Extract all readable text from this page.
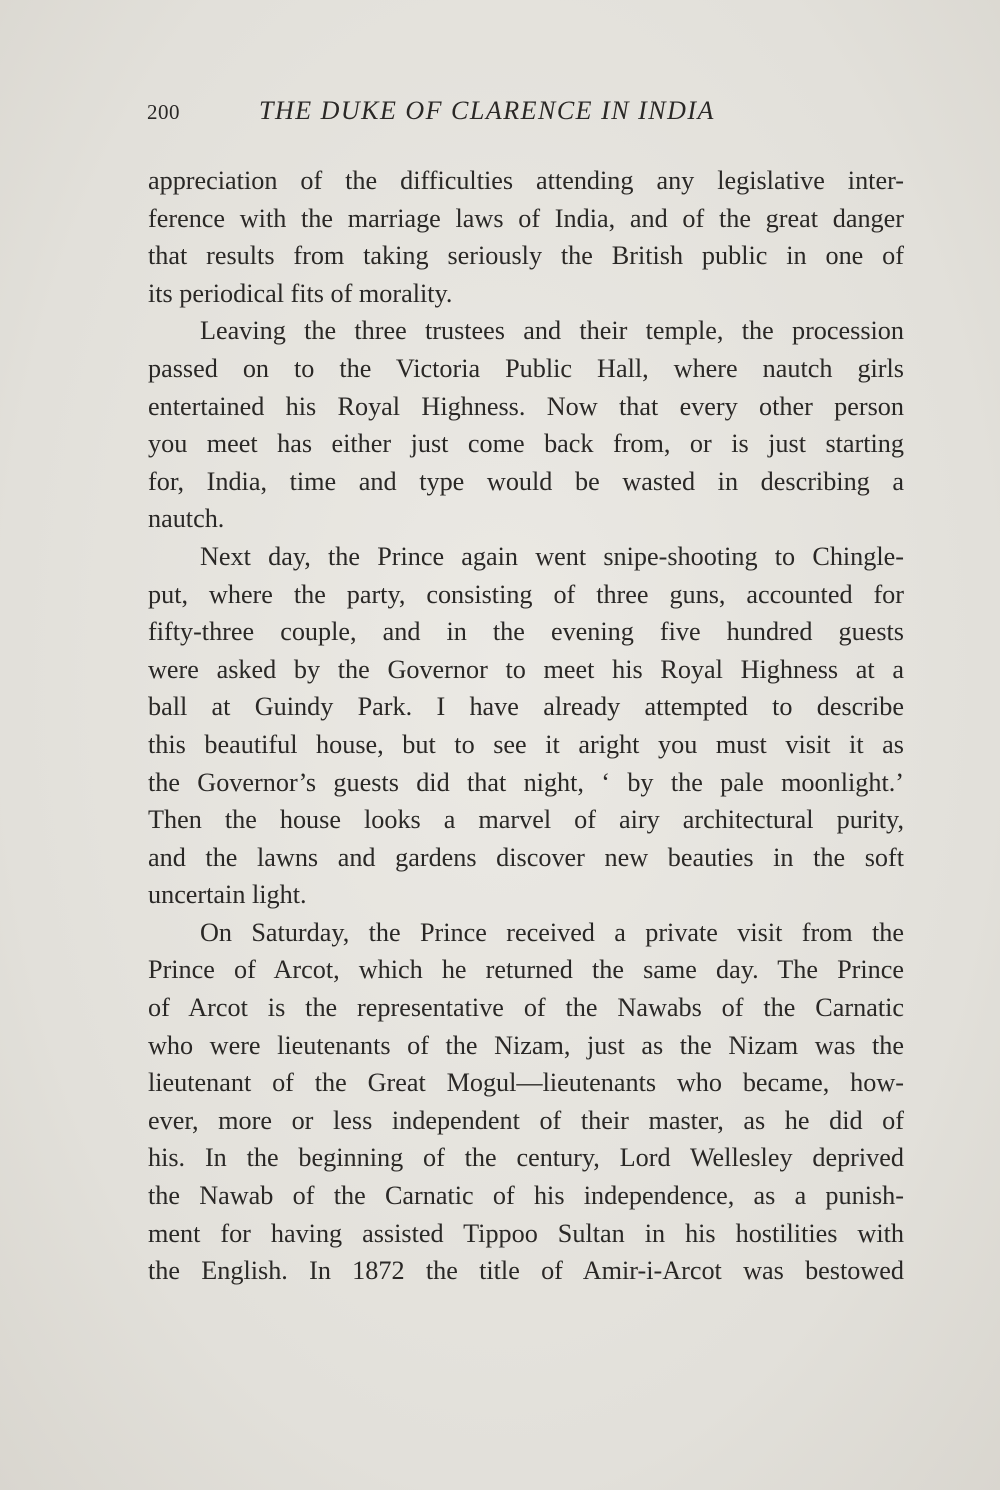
200	THE DUKE OF CLARENCE IN INDIA

appreciation of the difficulties attending any legislative inter-
ference with the marriage laws of India, and of the great danger
that results from taking seriously the British public in one of
its periodical fits of morality.

Leaving the three trustees and their temple, the procession
passed on to the Victoria Public Hall, where nautch girls
entertained his Royal Highness. Now that every other person
you meet has either just come back from, or is just starting
for, India, time and type would be wasted in describing a
nautch.

Next day, the Prince again went snipe-shooting to Chingle-
put, where the party, consisting of three guns, accounted for
fifty-three couple, and in the evening five hundred guests
were asked by the Governor to meet his Royal Highness at a
ball at Guindy Park. I have already attempted to describe
this beautiful house, but to see it aright you must visit it as
the Governor’s guests did that night, ‘ by the pale moonlight.’
Then the house looks a marvel of airy architectural purity,
and the lawns and gardens discover new beauties in the soft
uncertain light.

On Saturday, the Prince received a private visit from the
Prince of Arcot, which he returned the same day. The Prince
of Arcot is the representative of the Nawabs of the Carnatic
who were lieutenants of the Nizam, just as the Nizam was the
lieutenant of the Great Mogul—lieutenants who became, how-
ever, more or less independent of their master, as he did of
his. In the beginning of the century, Lord Wellesley deprived
the Nawab of the Carnatic of his independence, as a punish-
ment for having assisted Tippoo Sultan in his hostilities with
the English. In 1872 the title of Amir-i-Arcot was bestowed
